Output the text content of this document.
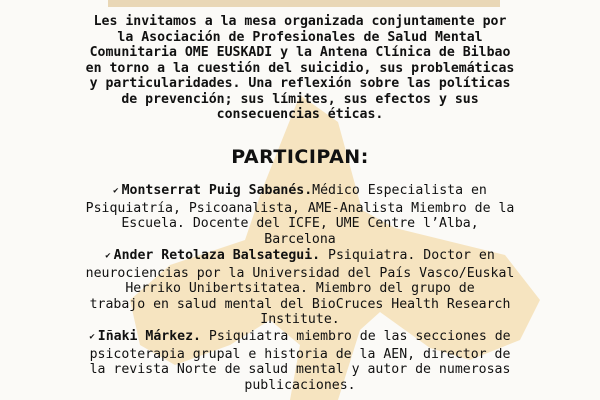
Les invitamos a la mesa organizada conjuntamente por
la Asociación de Profesionales de Salud Mental
Comunitaria OME EUSKADI y la Antena Clínica de Bilbao
en torno a la cuestión del suicidio, sus problemáticas
y particularidades. Una reflexión sobre las políticas
de prevención; sus límites, sus efectos y sus
consecuencias éticas.
PARTICIPAN:
✔ Montserrat Puig Sabanés.Médico Especialista en
Psiquiatría, Psicoanalista, AME-Analista Miembro de la
Escuela. Docente del ICFE, UME Centre l’Alba,
Barcelona
✔ Ander Retolaza Balsategui. Psiquiatra. Doctor en
neurociencias por la Universidad del País Vasco/Euskal
Herriko Unibertsitatea. Miembro del grupo de
trabajo en salud mental del BioCruces Health Research
Institute.
✔ Iñaki Márkez. Psiquiatra miembro de las secciones de
psicoterapia grupal e historia de la AEN, director de
la revista Norte de salud mental y autor de numerosas
publicaciones.
